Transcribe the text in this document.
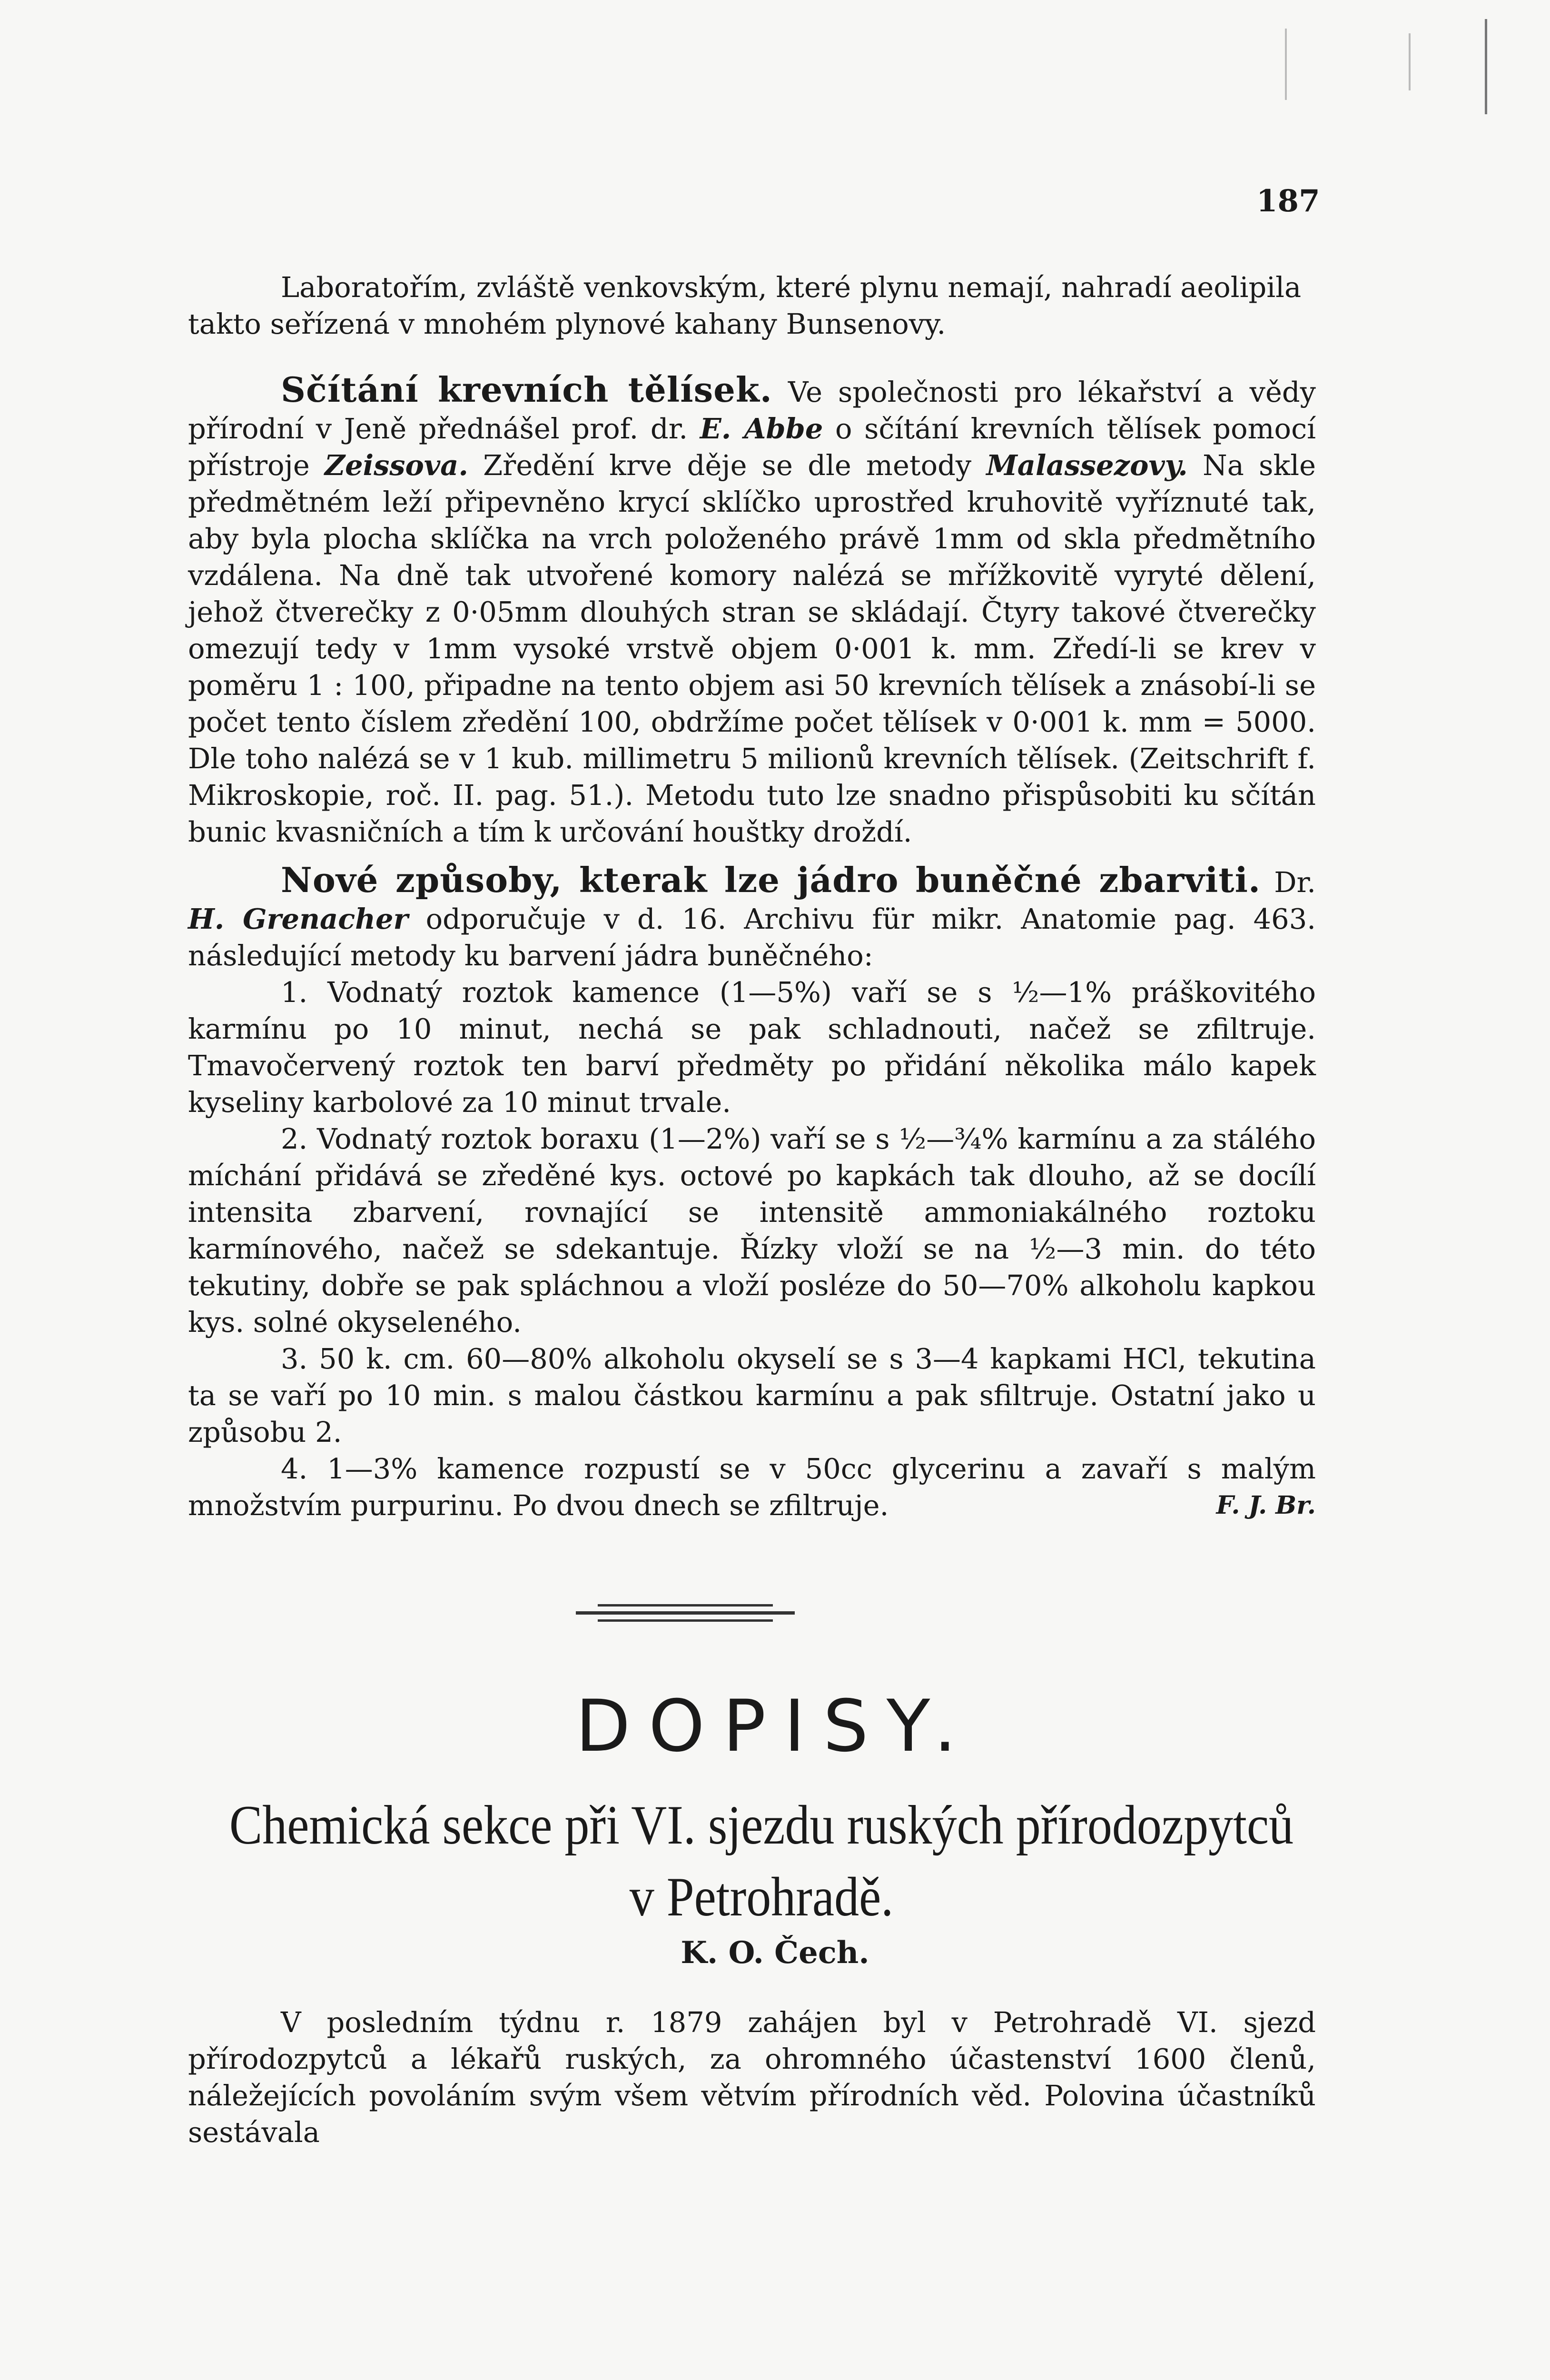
187

Laboratořím, zvláště venkovským, které plynu nemají, nahradí aeolipila

takto seřízená v mnohém plynové kahany Bunsenovy.

Sčítání krevních tělísek. Ve společnosti pro lékařství a vědy přírodní v Jeně přednášel prof. dr. E. Abbe o sčítání krevních tělísek pomocí přístroje Zeissova. Zředění krve děje se dle metody Malassezovy. Na skle předmětném leží připevněno krycí sklíčko uprostřed kruhovitě vyříznuté tak, aby byla plocha sklíčka na vrch položeného právě 1mm od skla předmětního vzdálena. Na dně tak utvořené komory nalézá se mřížkovitě vyryté dělení, jehož čtverečky z 0·05mm dlouhých stran se skládají. Čtyry takové čtverečky omezují tedy v 1mm vysoké vrstvě objem 0·001 k. mm. Zředí-li se krev v poměru 1 : 100, připadne na tento objem asi 50 krevních tělísek a znásobí-li se počet tento číslem zředění 100, obdržíme počet tělísek v 0·001 k. mm = 5000. Dle toho nalézá se v 1 kub. millimetru 5 milionů krevních tělísek. (Zeitschrift f. Mikroskopie, roč. II. pag. 51.). Metodu tuto lze snadno přispůsobiti ku sčítán bunic kvasničních a tím k určování houštky droždí.

Nové způsoby, kterak lze jádro buněčné zbarviti. Dr. H. Grenacher odporučuje v d. 16. Archivu für mikr. Anatomie pag. 463. následující metody ku barvení jádra buněčného:

1. Vodnatý roztok kamence (1—5%) vaří se s ½—1% práškovitého karmínu po 10 minut, nechá se pak schladnouti, načež se zfiltruje. Tmavočervený roztok ten barví předměty po přidání několika málo kapek kyseliny karbolové za 10 minut trvale.

2. Vodnatý roztok boraxu (1—2%) vaří se s ½—¾% karmínu a za stálého míchání přidává se zředěné kys. octové po kapkách tak dlouho, až se docílí intensita zbarvení, rovnající se intensitě ammoniakálného roztoku karmínového, načež se sdekantuje. Řízky vloží se na ½—3 min. do této tekutiny, dobře se pak spláchnou a vloží posléze do 50—70% alkoholu kapkou kys. solné okyseleného.

3. 50 k. cm. 60—80% alkoholu okyselí se s 3—4 kapkami HCl, tekutina ta se vaří po 10 min. s malou částkou karmínu a pak sfiltruje. Ostatní jako u způsobu 2.

4. 1—3% kamence rozpustí se v 50cc glycerinu a zavaří s malým množstvím purpurinu. Po dvou dnech se zfiltruje.	F. J. Br.

DOPISY.
Chemická sekce při VI. sjezdu ruských přírodozpytců
v Petrohradě.
K. O. Čech.

V posledním týdnu r. 1879 zahájen byl v Petrohradě VI. sjezd přírodozpytců a lékařů ruských, za ohromného účastenství 1600 členů, náležejících povoláním svým všem větvím přírodních věd. Polovina účastníků sestávala
